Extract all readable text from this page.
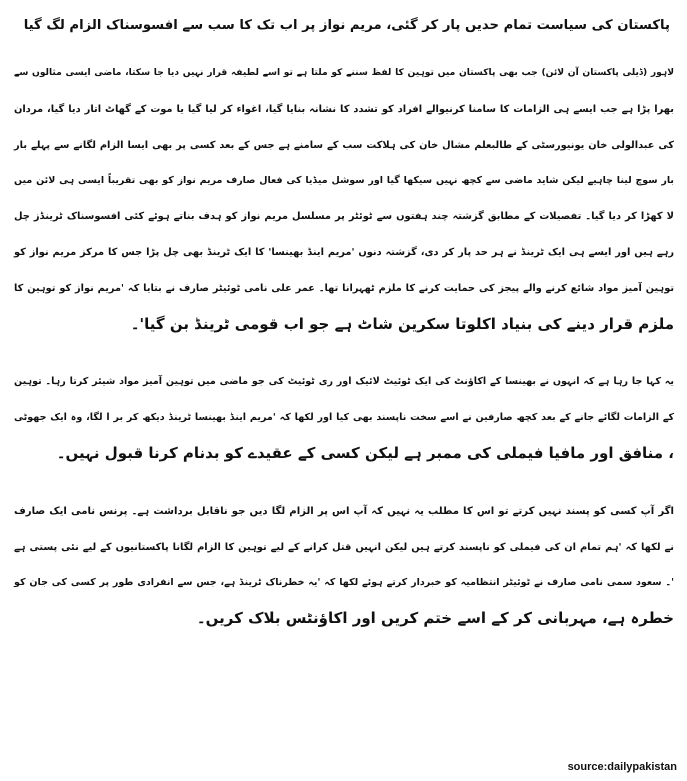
پاکستان کی سیاست تمام حدیں پار کر گئی، مریم نواز پر اب تک کا سب سے افسوسناک الزام لگ گیا

لاہور (ڈیلی پاکستان آن لائن) جب بھی پاکستان میں توہین کا لفظ سننے کو ملتا ہے تو اسے لطیفہ قرار نہیں دیا جا سکتا، ماضی ایسی مثالوں سے
بھرا پڑا ہے جب ایسے ہی الزامات کا سامنا کرنیوالے افراد کو تشدد کا نشانہ بنایا گیا، اغواء کر لیا گیا یا موت کے گھاٹ اتار دیا گیا، مردان
کی عبدالولی خان یونیورسٹی کے طالبعلم مشال خان کی ہلاکت سب کے سامنے ہے جس کے بعد کسی پر بھی ایسا الزام لگانے سے پہلے بار
بار سوچ لینا چاہیے لیکن شاید ماضی سے کچھ نہیں سیکھا گیا اور سوشل میڈیا کی فعال صارف مریم نواز کو بھی تقریباً ایسی ہی لائن میں
لا کھڑا کر دیا گیا۔ تفصیلات کے مطابق گزشتہ چند ہفتوں سے ٹوئٹر پر مسلسل مریم نواز کو ہدف بناتے ہوئے کئی افسوسناک ٹرینڈز چل
رہے ہیں اور ایسے ہی ایک ٹرینڈ نے ہر حد پار کر دی، گزشتہ دنوں 'مریم اینڈ بھینسا' کا ایک ٹرینڈ بھی چل پڑا جس کا مرکز مریم نواز کو
توہین آمیز مواد شائع کرنے والے پیجز کی حمایت کرنے کا ملزم ٹھہرانا تھا۔ عمر علی نامی ٹوئیٹر صارف نے بتایا کہ 'مریم نواز کو توہین کا
ملزم قرار دینے کی بنیاد اکلوتا سکرین شاٹ ہے جو اب قومی ٹرینڈ بن گیا'۔

یہ کہا جا رہا ہے کہ انہوں نے بھینسا کے اکاؤنٹ کی ایک ٹوئیٹ لائیک اور ری ٹوئیٹ کی جو ماضی میں توہین آمیز مواد شیئر کرتا رہا۔ توہین
کے الزامات لگائے جانے کے بعد کچھ صارفین نے اسے سخت ناپسند بھی کیا اور لکھا کہ 'مریم اینڈ بھینسا ٹرینڈ دیکھ کر بر ا لگا، وہ ایک جھوٹی
، منافق اور مافیا فیملی کی ممبر ہے لیکن کسی کے عقیدے کو بدنام کرنا قبول نہیں۔

اگر آپ کسی کو پسند نہیں کرتے تو اس کا مطلب یہ نہیں کہ آپ اس پر الزام لگا دیں جو ناقابل برداشت ہے۔ پرنس نامی ایک صارف
نے لکھا کہ 'ہم تمام ان کی فیملی کو ناپسند کرتے ہیں لیکن انہیں قتل کرانے کے لیے توہین کا الزام لگانا پاکستانیوں کے لیے نئی پستی ہے
'۔ سعود سمی نامی صارف نے ٹوئیٹر انتظامیہ کو خبردار کرتے ہوئے لکھا کہ 'یہ خطرناک ٹرینڈ ہے، جس سے انفرادی طور پر کسی کی جان کو
خطرہ ہے، مہربانی کر کے اسے ختم کریں اور اکاؤنٹس بلاک کریں۔

source:dailypakistan
